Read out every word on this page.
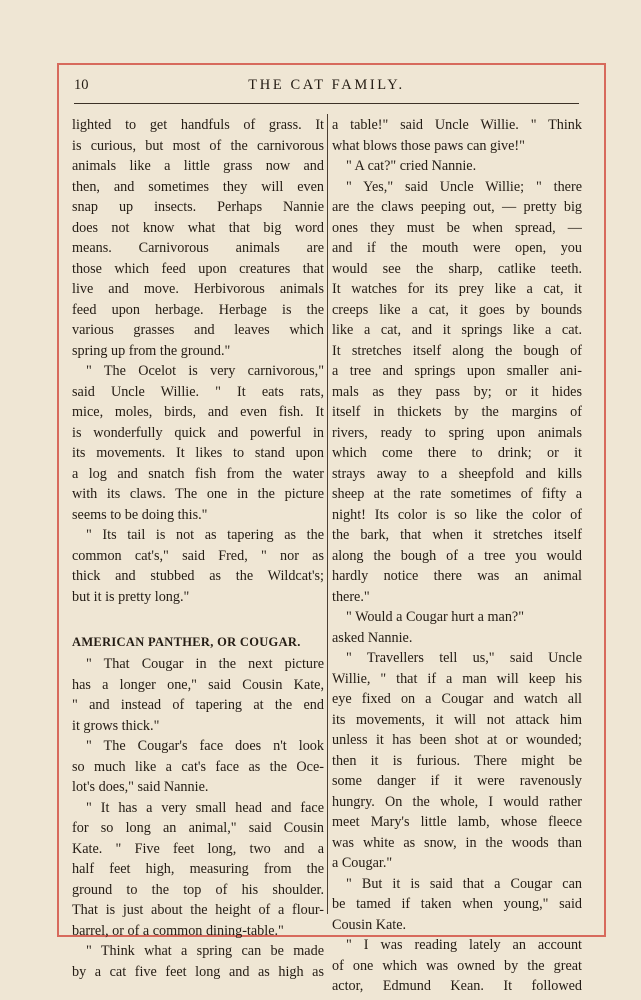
10	THE CAT FAMILY.
lighted to get handfuls of grass. It
is curious, but most of the carnivorous
animals like a little grass now and
then, and sometimes they will even
snap up insects. Perhaps Nannie
does not know what that big word
means. Carnivorous animals are
those which feed upon creatures that
live and move. Herbivorous animals
feed upon herbage. Herbage is the
various grasses and leaves which
spring up from the ground."
" The Ocelot is very carnivorous,"
said Uncle Willie. " It eats rats,
mice, moles, birds, and even fish. It
is wonderfully quick and powerful in
its movements. It likes to stand upon
a log and snatch fish from the water
with its claws. The one in the picture
seems to be doing this."
" Its tail is not as tapering as the
common cat's," said Fred, " nor as
thick and stubbed as the Wildcat's;
but it is pretty long."
AMERICAN PANTHER, OR COUGAR.
" That Cougar in the next picture
has a longer one," said Cousin Kate,
" and instead of tapering at the end
it grows thick."
" The Cougar's face does n't look
so much like a cat's face as the Oce-
lot's does," said Nannie.
" It has a very small head and face
for so long an animal," said Cousin
Kate. " Five feet long, two and a
half feet high, measuring from the
ground to the top of his shoulder.
That is just about the height of a flour-
barrel, or of a common dining-table."
" Think what a spring can be made
by a cat five feet long and as high as
a table!" said Uncle Willie. " Think
what blows those paws can give!"
" A cat?" cried Nannie.
" Yes," said Uncle Willie; " there
are the claws peeping out, — pretty big
ones they must be when spread, —
and if the mouth were open, you
would see the sharp, catlike teeth.
It watches for its prey like a cat, it
creeps like a cat, it goes by bounds
like a cat, and it springs like a cat.
It stretches itself along the bough of
a tree and springs upon smaller ani-
mals as they pass by; or it hides
itself in thickets by the margins of
rivers, ready to spring upon animals
which come there to drink; or it
strays away to a sheepfold and kills
sheep at the rate sometimes of fifty a
night! Its color is so like the color of
the bark, that when it stretches itself
along the bough of a tree you would
hardly notice there was an animal
there."
" Would a Cougar hurt a man?"
asked Nannie.
" Travellers tell us," said Uncle
Willie, " that if a man will keep his
eye fixed on a Cougar and watch all
its movements, it will not attack him
unless it has been shot at or wounded;
then it is furious. There might be
some danger if it were ravenously
hungry. On the whole, I would rather
meet Mary's little lamb, whose fleece
was white as snow, in the woods than
a Cougar."
" But it is said that a Cougar can
be tamed if taken when young," said
Cousin Kate.
" I was reading lately an account
of one which was owned by the great
actor, Edmund Kean. It followed
